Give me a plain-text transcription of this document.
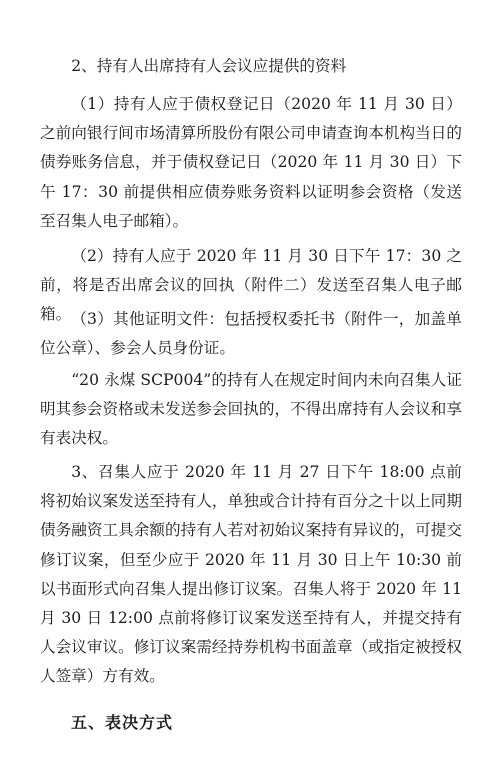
2、持有人出席持有人会议应提供的资料

（1）持有人应于债权登记日（2020 年 11 月 30 日）之前向银行间市场清算所股份有限公司申请查询本机构当日的债券账务信息，并于债权登记日（2020 年 11 月 30 日）下午 17：30 前提供相应债券账务资料以证明参会资格（发送至召集人电子邮箱）。

（2）持有人应于 2020 年 11 月 30 日下午 17：30 之前，将是否出席会议的回执（附件二）发送至召集人电子邮箱。 （3）其他证明文件：包括授权委托书（附件一，加盖单位公章）、参会人员身份证。

“20 永煤 SCP004”的持有人在规定时间内未向召集人证明其参会资格或未发送参会回执的，不得出席持有人会议和享有表决权。

3、召集人应于 2020 年 11 月 27 日下午 18:00 点前将初始议案发送至持有人，单独或合计持有百分之十以上同期债务融资工具余额的持有人若对初始议案持有异议的，可提交修订议案，但至少应于 2020 年 11 月 30 日上午 10:30 前以书面形式向召集人提出修订议案。召集人将于 2020 年 11 月 30 日 12:00 点前将修订议案发送至持有人，并提交持有人会议审议。修订议案需经持券机构书面盖章（或指定被授权人签章）方有效。

五、表决方式
